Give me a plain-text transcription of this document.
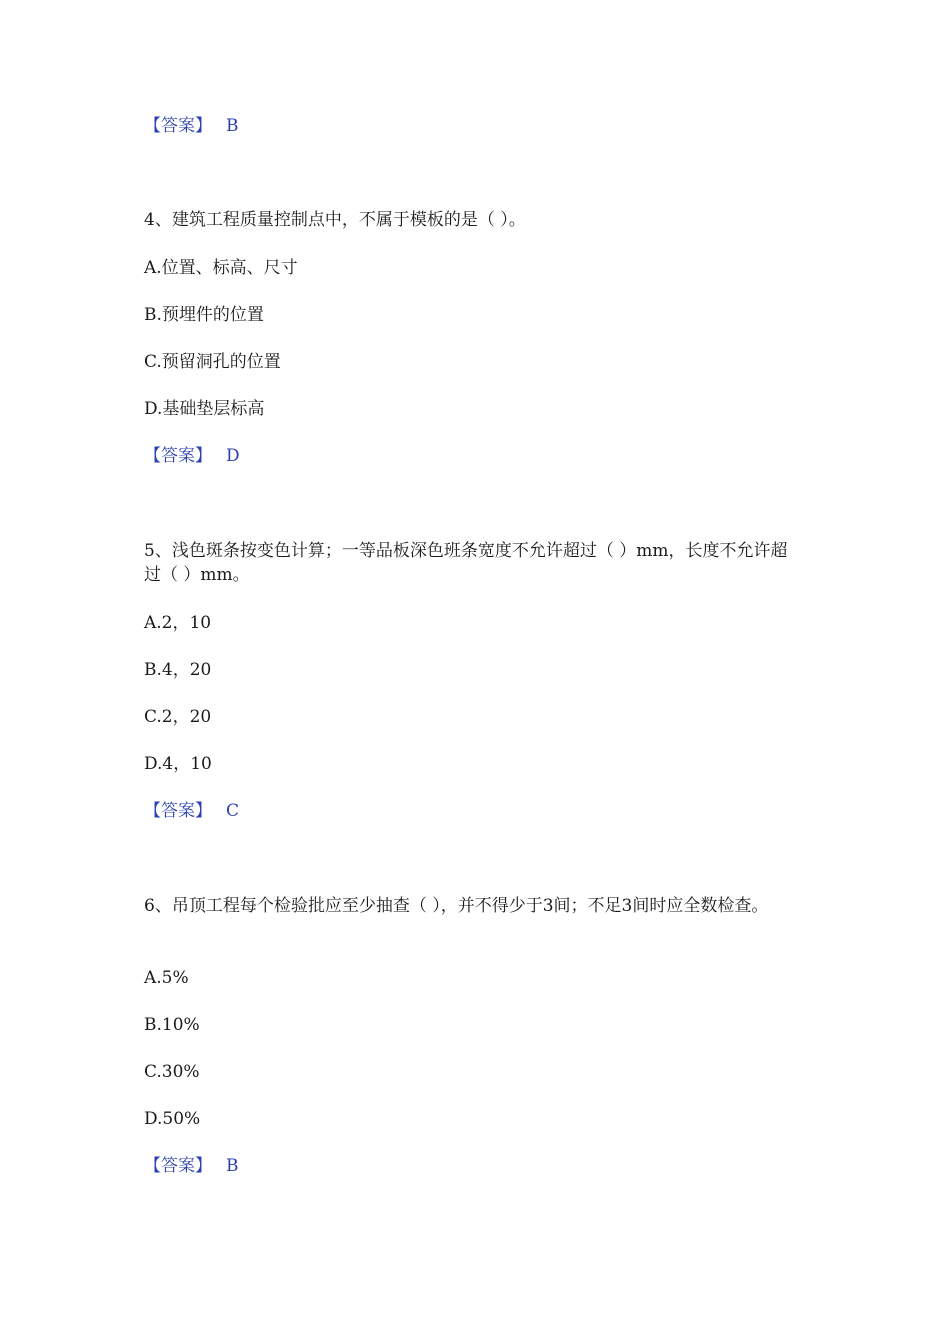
【答案】 B
4、建筑工程质量控制点中，不属于模板的是（ ）。
A.位置、标高、尺寸
B.预埋件的位置
C.预留洞孔的位置
D.基础垫层标高
【答案】 D
5、浅色斑条按变色计算；一等品板深色班条宽度不允许超过（ ）mm，长度不允许超过（ ）mm。
A.2，10
B.4，20
C.2，20
D.4，10
【答案】 C
6、吊顶工程每个检验批应至少抽查（ ），并不得少于3间；不足3间时应全数检查。
A.5%
B.10%
C.30%
D.50%
【答案】 B
